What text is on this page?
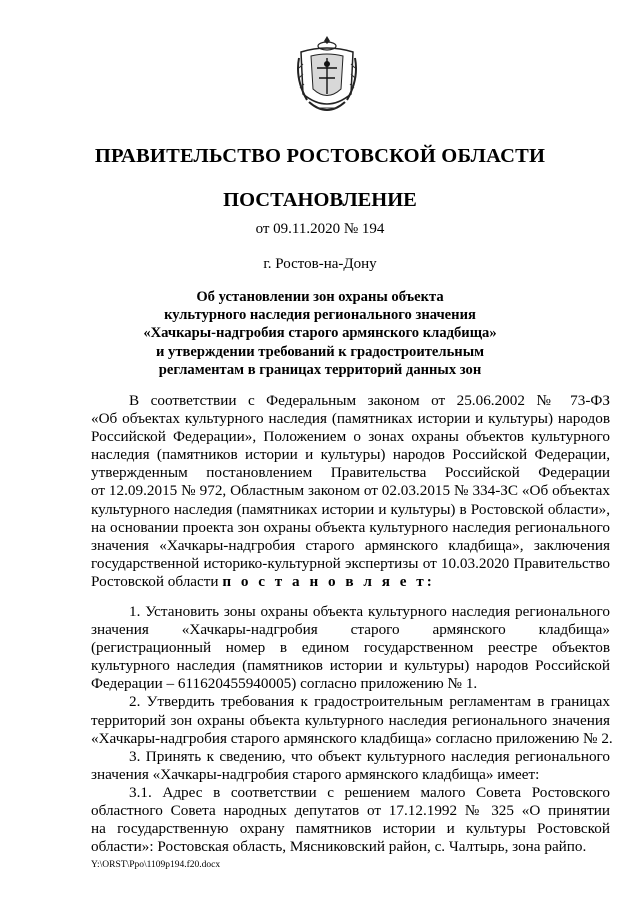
ПРАВИТЕЛЬСТВО РОСТОВСКОЙ ОБЛАСТИ
ПОСТАНОВЛЕНИЕ
от 09.11.2020 № 194
г. Ростов-на-Дону
Об установлении зон охраны объекта
культурного наследия регионального значения
«Хачкары-надгробия старого армянского кладбища»
и утверждении требований к градостроительным
регламентам в границах территорий данных зон
В соответствии с Федеральным законом от 25.06.2002 № 73-ФЗ
«Об объектах культурного наследия (памятниках истории и культуры) народов
Российской Федерации», Положением о зонах охраны объектов культурного
наследия (памятников истории и культуры) народов Российской Федерации,
утвержденным постановлением Правительства Российской Федерации
от 12.09.2015 № 972, Областным законом от 02.03.2015 № 334-ЗС «Об объектах
культурного наследия (памятниках истории и культуры) в Ростовской области»,
на основании проекта зон охраны объекта культурного наследия регионального
значения «Хачкары-надгробия старого армянского кладбища», заключения
государственной историко-культурной экспертизы от 10.03.2020 Правительство
Ростовской области п о с т а н о в л я е т:
1. Установить зоны охраны объекта культурного наследия регионального
значения «Хачкары-надгробия старого армянского кладбища»
(регистрационный номер в едином государственном реестре объектов
культурного наследия (памятников истории и культуры) народов Российской
Федерации – 611620455940005) согласно приложению № 1.
2. Утвердить требования к градостроительным регламентам в границах
территорий зон охраны объекта культурного наследия регионального значения
«Хачкары-надгробия старого армянского кладбища» согласно приложению № 2.
3. Принять к сведению, что объект культурного наследия регионального
значения «Хачкары-надгробия старого армянского кладбища» имеет:
3.1. Адрес в соответствии с решением малого Совета Ростовского
областного Совета народных депутатов от 17.12.1992 № 325 «О принятии
на государственную охрану памятников истории и культуры Ростовской
области»: Ростовская область, Мясниковский район, с. Чалтырь, зона райпо.
Y:\ORST\Ppo\1109p194.f20.docx
